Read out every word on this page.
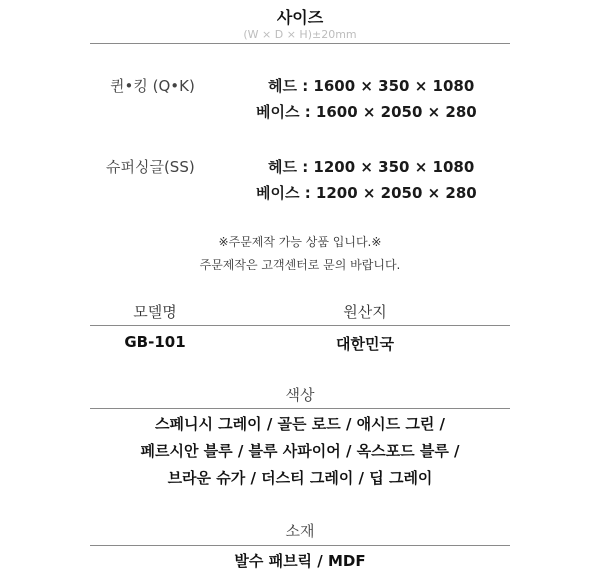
사이즈
(W × D × H)±20mm
퀸•킹 (Q•K)	헤드 : 1600 × 350 × 1080
베이스 : 1600 × 2050 × 280
슈퍼싱글(SS)	헤드 : 1200 × 350 × 1080
베이스 : 1200 × 2050 × 280
※주문제작 가능 상품 입니다.※
주문제작은 고객센터로 문의 바랍니다.
모델명	원산지
GB-101	대한민국
색상
스페니시 그레이 / 골든 로드 / 애시드 그린 /
페르시안 블루 / 블루 사파이어 / 옥스포드 블루 /
브라운 슈가 / 더스티 그레이 / 딥 그레이
소재
발수 패브릭 / MDF
